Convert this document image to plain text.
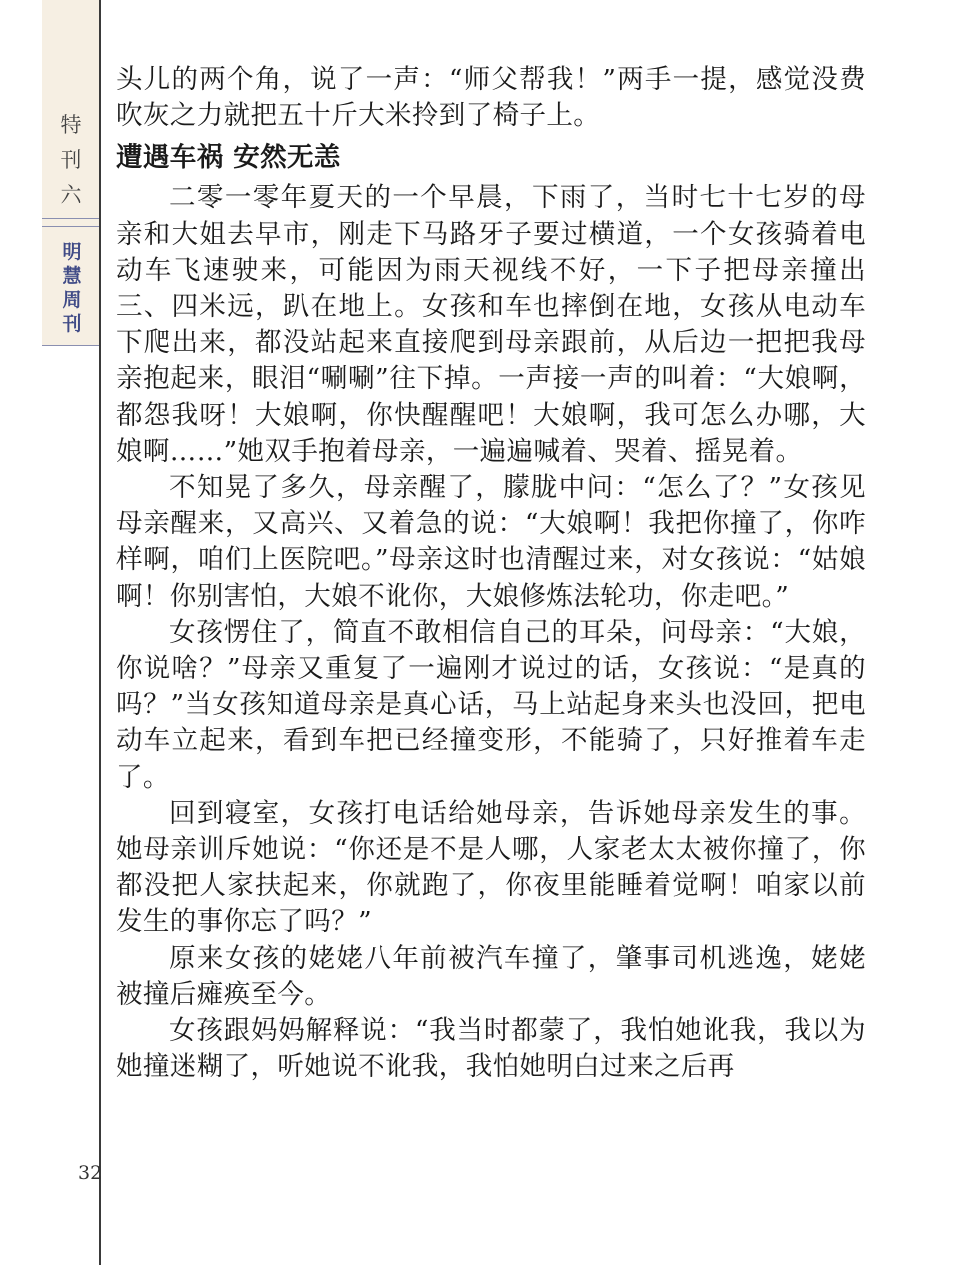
特刊六
明慧周刊
32

头儿的两个角，说了一声：“师父帮我！”两手一提，感觉没费吹灰之力就把五十斤大米拎到了椅子上。

遭遇车祸 安然无恙

二零一零年夏天的一个早晨，下雨了，当时七十七岁的母亲和大姐去早市，刚走下马路牙子要过横道，一个女孩骑着电动车飞速驶来，可能因为雨天视线不好，一下子把母亲撞出三、四米远，趴在地上。女孩和车也摔倒在地，女孩从电动车下爬出来，都没站起来直接爬到母亲跟前，从后边一把把我母亲抱起来，眼泪“唰唰”往下掉。一声接一声的叫着：“大娘啊，都怨我呀！大娘啊，你快醒醒吧！大娘啊，我可怎么办哪，大娘啊……”她双手抱着母亲，一遍遍喊着、哭着、摇晃着。

不知晃了多久，母亲醒了，朦胧中问：“怎么了？”女孩见母亲醒来，又高兴、又着急的说：“大娘啊！我把你撞了，你咋样啊，咱们上医院吧。”母亲这时也清醒过来，对女孩说：“姑娘啊！你别害怕，大娘不讹你，大娘修炼法轮功，你走吧。”

女孩愣住了，简直不敢相信自己的耳朵，问母亲：“大娘，你说啥？”母亲又重复了一遍刚才说过的话，女孩说：“是真的吗？”当女孩知道母亲是真心话，马上站起身来头也没回，把电动车立起来，看到车把已经撞变形，不能骑了，只好推着车走了。

回到寝室，女孩打电话给她母亲，告诉她母亲发生的事。她母亲训斥她说：“你还是不是人哪，人家老太太被你撞了，你都没把人家扶起来，你就跑了，你夜里能睡着觉啊！咱家以前发生的事你忘了吗？”

原来女孩的姥姥八年前被汽车撞了，肇事司机逃逸，姥姥被撞后瘫痪至今。

女孩跟妈妈解释说：“我当时都蒙了，我怕她讹我，我以为她撞迷糊了，听她说不讹我，我怕她明白过来之后再
